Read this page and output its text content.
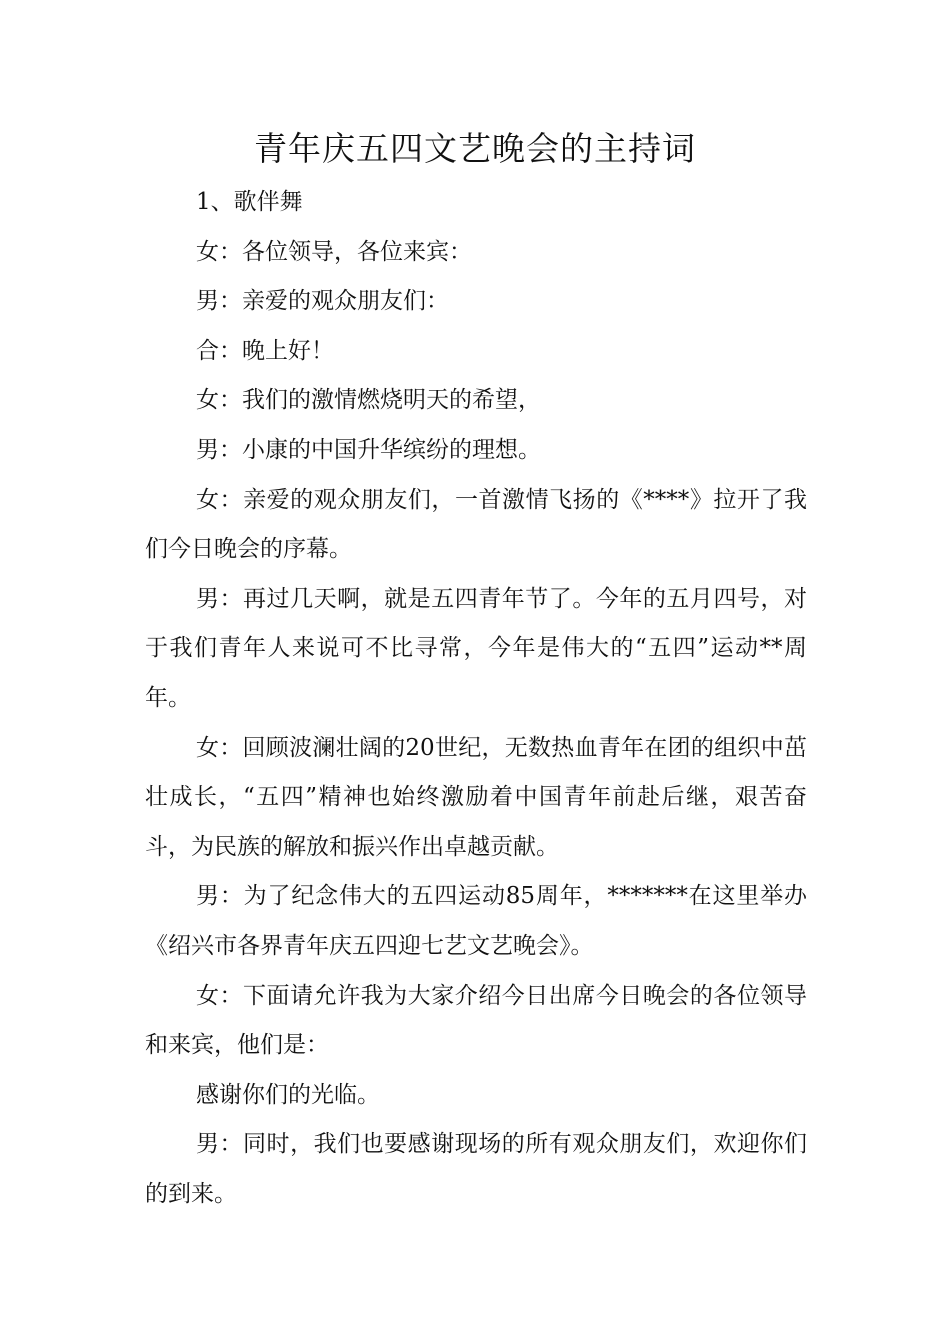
青年庆五四文艺晚会的主持词

1、歌伴舞

女：各位领导，各位来宾：

男：亲爱的观众朋友们：

合：晚上好！

女：我们的激情燃烧明天的希望，

男：小康的中国升华缤纷的理想。

女：亲爱的观众朋友们，一首激情飞扬的《****》拉开了我们今日晚会的序幕。

男：再过几天啊，就是五四青年节了。今年的五月四号，对于我们青年人来说可不比寻常，今年是伟大的“五四”运动**周年。

女：回顾波澜壮阔的20世纪，无数热血青年在团的组织中茁壮成长，“五四”精神也始终激励着中国青年前赴后继，艰苦奋斗，为民族的解放和振兴作出卓越贡献。

男：为了纪念伟大的五四运动85周年，*******在这里举办《绍兴市各界青年庆五四迎七艺文艺晚会》。

女：下面请允许我为大家介绍今日出席今日晚会的各位领导和来宾，他们是：

感谢你们的光临。

男：同时，我们也要感谢现场的所有观众朋友们，欢迎你们的到来。
